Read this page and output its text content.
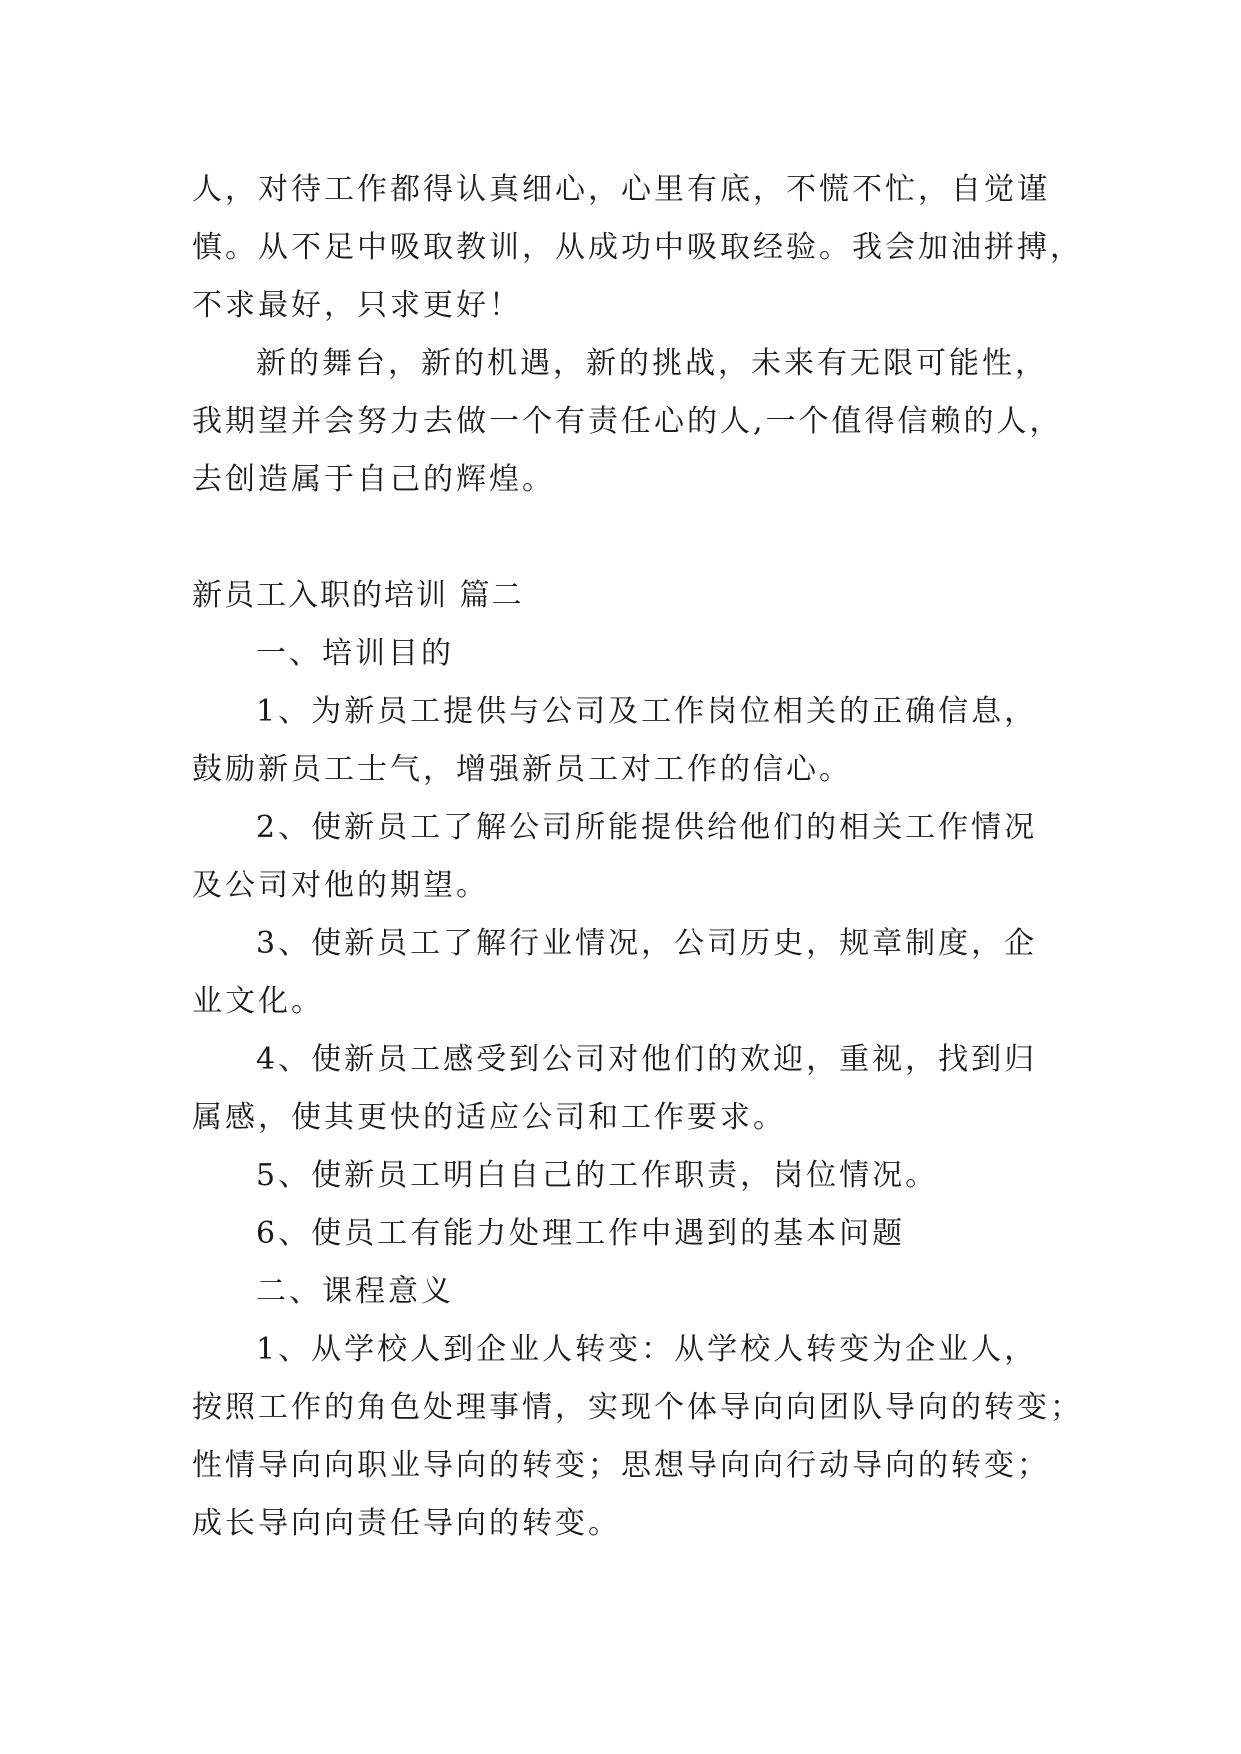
人，对待工作都得认真细心，心里有底，不慌不忙，自觉谨
慎。从不足中吸取教训，从成功中吸取经验。我会加油拼搏，
不求最好，只求更好！
新的舞台，新的机遇，新的挑战，未来有无限可能性，
我期望并会努力去做一个有责任心的人,一个值得信赖的人，
去创造属于自己的辉煌。
新员工入职的培训 篇二
一、培训目的
1、为新员工提供与公司及工作岗位相关的正确信息，
鼓励新员工士气，增强新员工对工作的信心。
2、使新员工了解公司所能提供给他们的相关工作情况
及公司对他的期望。
3、使新员工了解行业情况，公司历史，规章制度，企
业文化。
4、使新员工感受到公司对他们的欢迎，重视，找到归
属感，使其更快的适应公司和工作要求。
5、使新员工明白自己的工作职责，岗位情况。
6、使员工有能力处理工作中遇到的基本问题
二、课程意义
1、从学校人到企业人转变：从学校人转变为企业人，
按照工作的角色处理事情，实现个体导向向团队导向的转变；
性情导向向职业导向的转变；思想导向向行动导向的转变；
成长导向向责任导向的转变。
